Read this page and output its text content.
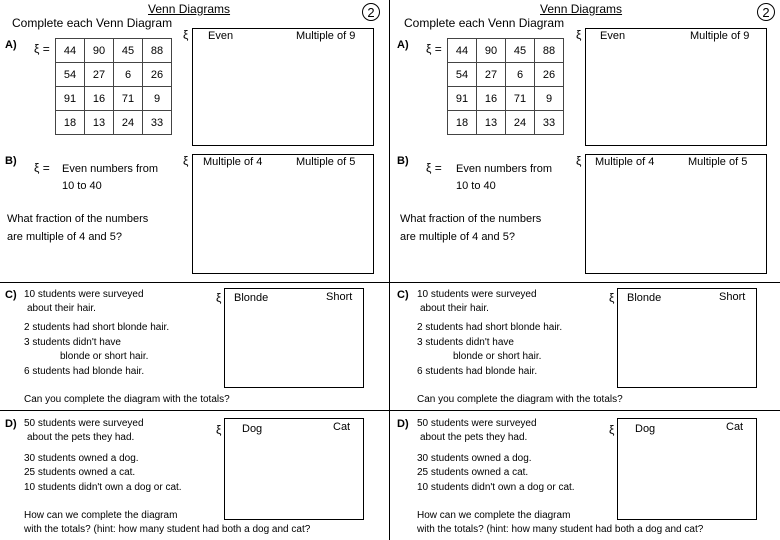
Venn Diagrams
Complete each Venn Diagram
2
A) ξ = 44	90	45	88
54	27	6	26
91	16	71	9
18	13	24	33
ξ Even	Multiple of 9
B) ξ = Even numbers from
10 to 40
What fraction of the numbers
are multiple of 4 and 5?
ξ Multiple of 4	Multiple of 5
C) 10 students were surveyed
about their hair.
2 students had short blonde hair.
3 students didn't have
blonde or short hair.
6 students had blonde hair.
Can you complete the diagram with the totals?
ξ Blonde	Short
D) 50 students were surveyed
about the pets they had.
30 students owned a dog.
25 students owned a cat.
10 students didn't own a dog or cat.
How can we complete the diagram
with the totals? (hint: how many student had both a dog and cat?
ξ Dog	Cat
Venn Diagrams
Complete each Venn Diagram
2
A) ξ = 44	90	45	88
54	27	6	26
91	16	71	9
18	13	24	33
ξ Even	Multiple of 9
B) ξ = Even numbers from
10 to 40
What fraction of the numbers
are multiple of 4 and 5?
ξ Multiple of 4	Multiple of 5
C) 10 students were surveyed
about their hair.
2 students had short blonde hair.
3 students didn't have
blonde or short hair.
6 students had blonde hair.
Can you complete the diagram with the totals?
ξ Blonde	Short
D) 50 students were surveyed
about the pets they had.
30 students owned a dog.
25 students owned a cat.
10 students didn't own a dog or cat.
How can we complete the diagram
with the totals? (hint: how many student had both a dog and cat?
ξ Dog	Cat
